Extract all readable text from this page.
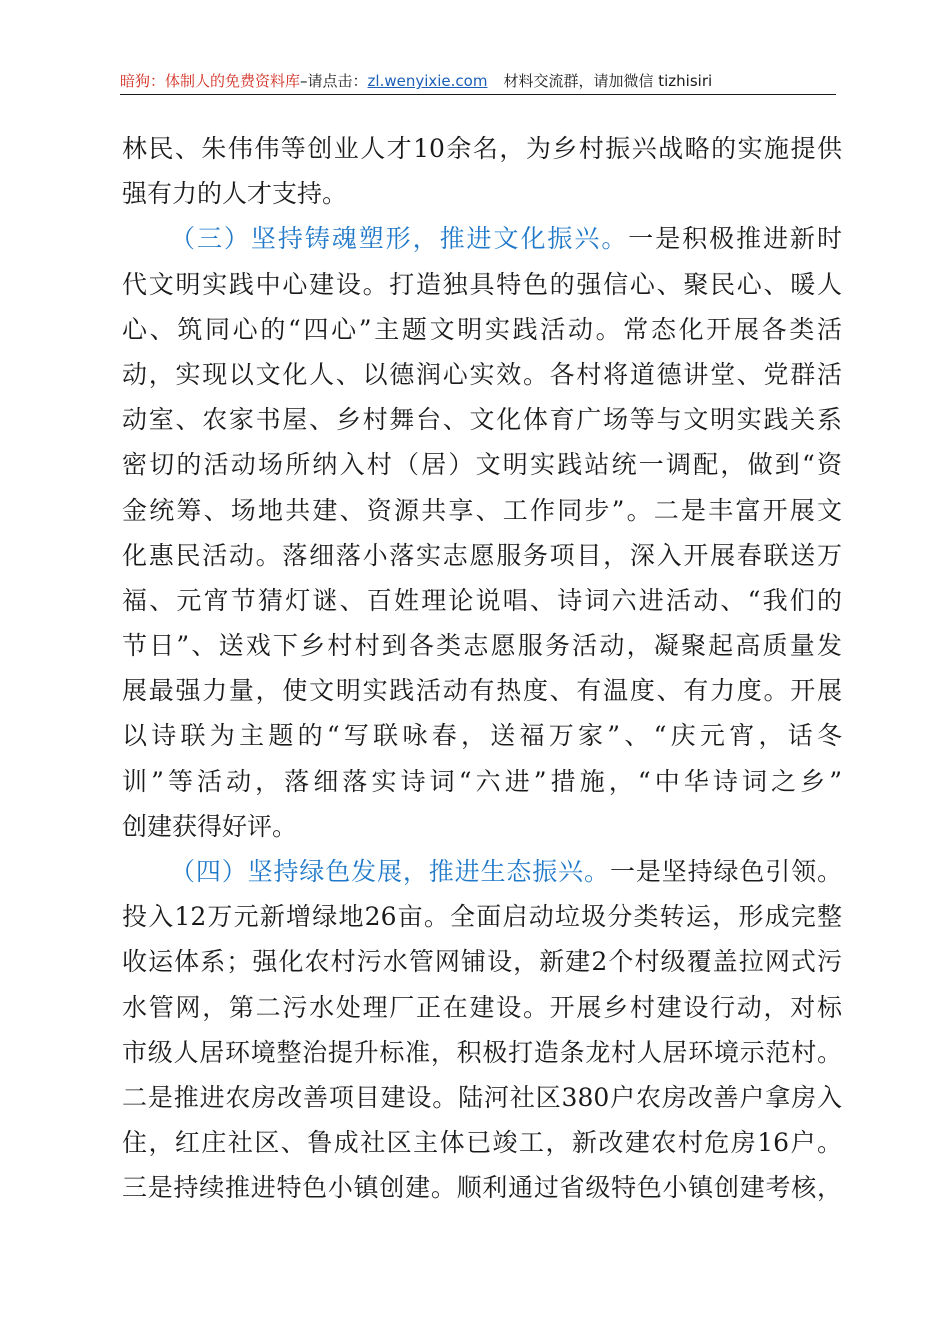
暗狗：体制人的免费资料库–请点击：zl.wenyixie.com 材料交流群，请加微信 tizhisiri
林民、朱伟伟等创业人才10余名，为乡村振兴战略的实施提供
强有力的人才支持。
（三）坚持铸魂塑形，推进文化振兴。一是积极推进新时
代文明实践中心建设。打造独具特色的强信心、聚民心、暖人
心、筑同心的“四心”主题文明实践活动。常态化开展各类活
动，实现以文化人、以德润心实效。各村将道德讲堂、党群活
动室、农家书屋、乡村舞台、文化体育广场等与文明实践关系
密切的活动场所纳入村（居）文明实践站统一调配，做到“资
金统筹、场地共建、资源共享、工作同步”。二是丰富开展文
化惠民活动。落细落小落实志愿服务项目，深入开展春联送万
福、元宵节猜灯谜、百姓理论说唱、诗词六进活动、“我们的
节日”、送戏下乡村村到各类志愿服务活动，凝聚起高质量发
展最强力量，使文明实践活动有热度、有温度、有力度。开展
以诗联为主题的“写联咏春，送福万家”、“庆元宵，话冬
训”等活动，落细落实诗词“六进”措施，“中华诗词之乡”
创建获得好评。
（四）坚持绿色发展，推进生态振兴。一是坚持绿色引领。
投入12万元新增绿地26亩。全面启动垃圾分类转运，形成完整
收运体系；强化农村污水管网铺设，新建2个村级覆盖拉网式污
水管网，第二污水处理厂正在建设。开展乡村建设行动，对标
市级人居环境整治提升标准，积极打造条龙村人居环境示范村。
二是推进农房改善项目建设。陆河社区380户农房改善户拿房入
住，红庄社区、鲁成社区主体已竣工，新改建农村危房16户。
三是持续推进特色小镇创建。顺利通过省级特色小镇创建考核，
